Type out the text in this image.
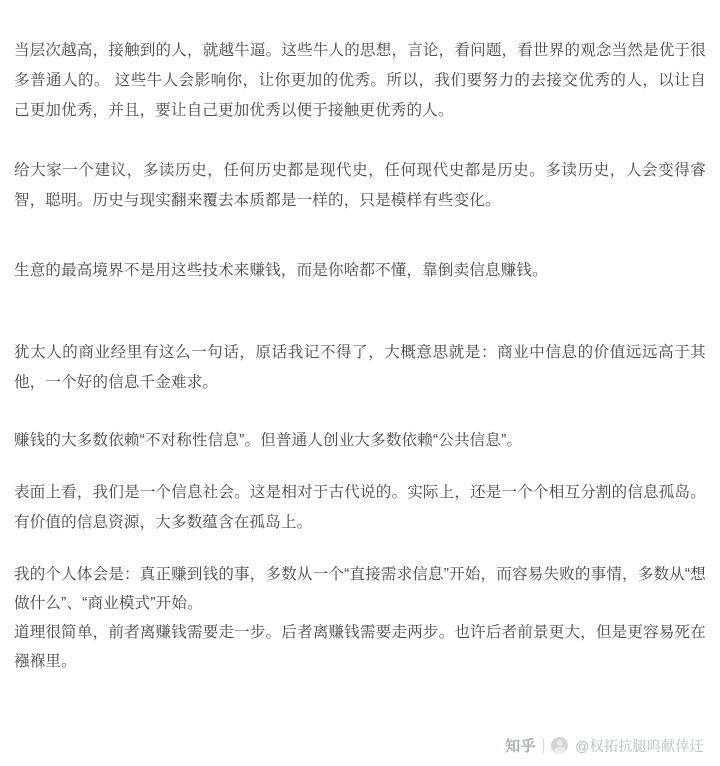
当层次越高，接触到的人，就越牛逼。这些牛人的思想，言论，看问题，看世界的观念当然是优于很多普通人的。 这些牛人会影响你，让你更加的优秀。所以，我们要努力的去接交优秀的人，以让自己更加优秀，并且，要让自己更加优秀以便于接触更优秀的人。

给大家一个建议，多读历史，任何历史都是现代史，任何现代史都是历史。多读历史，人会变得睿智，聪明。历史与现实翻来覆去本质都是一样的，只是模样有些变化。

生意的最高境界不是用这些技术来赚钱，而是你啥都不懂，靠倒卖信息赚钱。

犹太人的商业经里有这么一句话，原话我记不得了，大概意思就是：商业中信息的价值远远高于其他，一个好的信息千金难求。

赚钱的大多数依赖“不对称性信息”。但普通人创业大多数依赖“公共信息”。

表面上看，我们是一个信息社会。这是相对于古代说的。实际上，还是一个个相互分割的信息孤岛。有价值的信息资源，大多数蕴含在孤岛上。

我的个人体会是：真正赚到钱的事，多数从一个“直接需求信息”开始，而容易失败的事情，多数从“想做什么”、“商业模式”开始。

道理很简单，前者离赚钱需要走一步。后者离赚钱需要走两步。也许后者前景更大，但是更容易死在襁褓里。

知乎	@权拓抗腿呜献倖迀
